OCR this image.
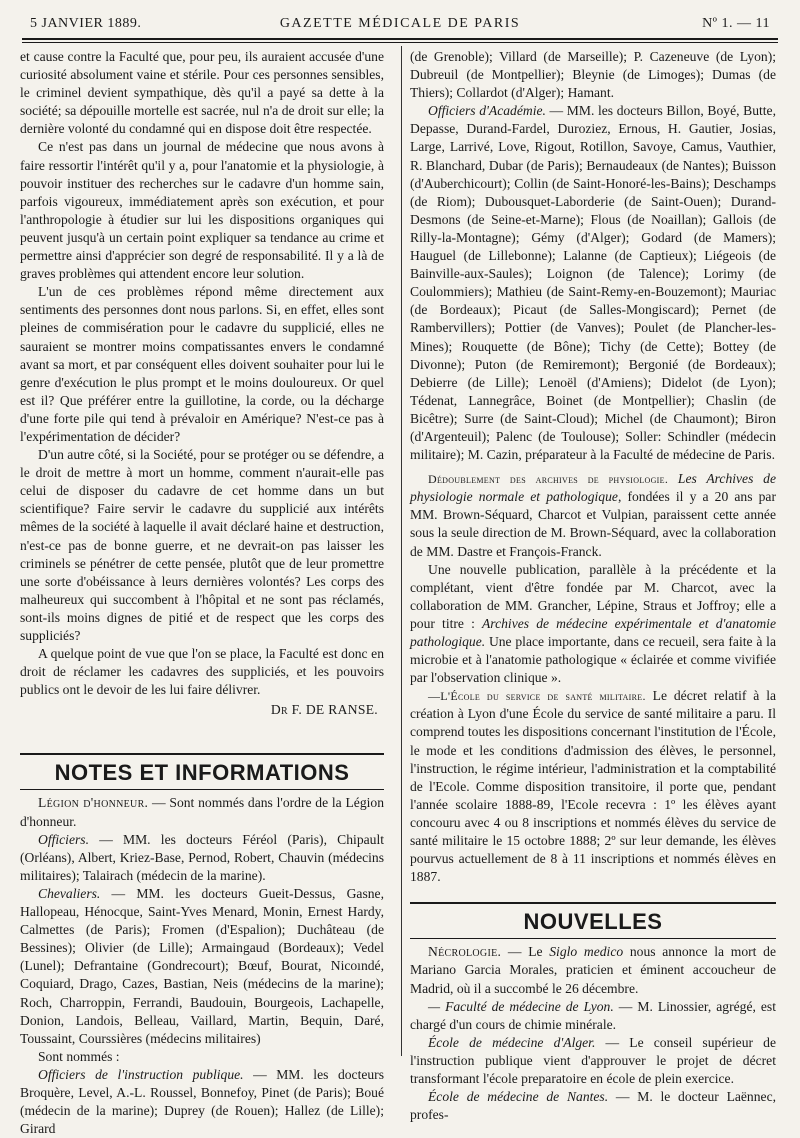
5 JANVIER 1889.	GAZETTE MÉDICALE DE PARIS	Nº 1. — 11

et cause contre la Faculté que, pour peu, ils auraient accusée d'une curiosité absolument vaine et stérile. Pour ces personnes sensibles, le criminel devient sympathique, dès qu'il a payé sa dette à la société; sa dépouille mortelle est sacrée, nul n'a de droit sur elle; la dernière volonté du condamné qui en dispose doit être respectée.

Ce n'est pas dans un journal de médecine que nous avons à faire ressortir l'intérêt qu'il y a, pour l'anatomie et la physiologie, à pouvoir instituer des recherches sur le cadavre d'un homme sain, parfois vigoureux, immédiatement après son exécution, et pour l'anthropologie à étudier sur lui les dispositions organiques qui peuvent jusqu'à un certain point expliquer sa tendance au crime et permettre ainsi d'apprécier son degré de responsabilité. Il y a là de graves problèmes qui attendent encore leur solution.

L'un de ces problèmes répond même directement aux sentiments des personnes dont nous parlons. Si, en effet, elles sont pleines de commisération pour le cadavre du supplicié, elles ne sauraient se montrer moins compatissantes envers le condamné avant sa mort, et par conséquent elles doivent souhaiter pour lui le genre d'exécution le plus prompt et le moins douloureux. Or quel est il? Que préférer entre la guillotine, la corde, ou la décharge d'une forte pile qui tend à prévaloir en Amérique? N'est-ce pas à l'expérimentation de décider?

D'un autre côté, si la Société, pour se protéger ou se défendre, a le droit de mettre à mort un homme, comment n'aurait-elle pas celui de disposer du cadavre de cet homme dans un but scientifique? Faire servir le cadavre du supplicié aux intérêts mêmes de la société à laquelle il avait déclaré haine et destruction, n'est-ce pas de bonne guerre, et ne devrait-on pas laisser les criminels se pénétrer de cette pensée, plutôt que de leur promettre une sorte d'obéissance à leurs dernières volontés? Les corps des malheureux qui succombent à l'hôpital et ne sont pas réclamés, sont-ils moins dignes de pitié et de respect que les corps des suppliciés?

A quelque point de vue que l'on se place, la Faculté est donc en droit de réclamer les cadavres des suppliciés, et les pouvoirs publics ont le devoir de les lui faire délivrer.

Dr F. DE RANSE.

NOTES ET INFORMATIONS

Légion d'honneur. — Sont nommés dans l'ordre de la Légion d'honneur.

Officiers. — MM. les docteurs Féréol (Paris), Chipault (Orléans), Albert, Kriez-Base, Pernod, Robert, Chauvin (médecins militaires); Talairach (médecin de la marine).

Chevaliers. — MM. les docteurs Gueit-Dessus, Gasne, Hallopeau, Hénocque, Saint-Yves Menard, Monin, Ernest Hardy, Calmettes (de Paris); Fromen (d'Espalion); Duchâteau (de Bessines); Olivier (de Lille); Armaingaud (Bordeaux); Vedel (Lunel); Defrantaine (Gondrecourt); Bœuf, Bourat, Nicoındé, Coquiard, Drago, Cazes, Bastian, Neis (médecins de la marine); Roch, Charroppin, Ferrandi, Baudouin, Bourgeois, Lachapelle, Donion, Landois, Belleau, Vaillard, Martin, Bequin, Daré, Toussaint, Courssières (médecins militaires)

Sont nommés :

Officiers de l'instruction publique. — MM. les docteurs Broquère, Level, A.-L. Roussel, Bonnefoy, Pinet (de Paris); Boué (médecin de la marine); Duprey (de Rouen); Hallez (de Lille); Girard

(de Grenoble); Villard (de Marseille); P. Cazeneuve (de Lyon); Dubreuil (de Montpellier); Bleynie (de Limoges); Dumas (de Thiers); Collardot (d'Alger); Hamant.

Officiers d'Académie. — MM. les docteurs Billon, Boyé, Butte, Depasse, Durand-Fardel, Duroziez, Ernous, H. Gautier, Josias, Large, Larrivé, Love, Rigout, Rotillon, Savoye, Camus, Vauthier, R. Blanchard, Dubar (de Paris); Bernaudeaux (de Nantes); Buisson (d'Auberchicourt); Collin (de Saint-Honoré-les-Bains); Deschamps (de Riom); Dubousquet-Laborderie (de Saint-Ouen); Durand-Desmons (de Seine-et-Marne); Flous (de Noaillan); Gallois (de Rilly-la-Montagne); Gémy (d'Alger); Godard (de Mamers); Hauguel (de Lillebonne); Lalanne (de Captieux); Liégeois (de Bainville-aux-Saules); Loignon (de Talence); Lorimy (de Coulommiers); Mathieu (de Saint-Remy-en-Bouzemont); Mauriac (de Bordeaux); Picaut (de Salles-Mongiscard); Pernet (de Rambervillers); Pottier (de Vanves); Poulet (de Plancher-les-Mines); Rouquette (de Bône); Tichy (de Cette); Bottey (de Divonne); Puton (de Remiremont); Bergonié (de Bordeaux); Debierre (de Lille); Lenoël (d'Amiens); Didelot (de Lyon); Tédenat, Lannegrâce, Boinet (de Montpellier); Chaslin (de Bicêtre); Surre (de Saint-Cloud); Michel (de Chaumont); Biron (d'Argenteuil); Palenc (de Toulouse); Soller: Schindler (médecin militaire); M. Cazin, préparateur à la Faculté de médecine de Paris.

Dédoublement des archives de physiologie. Les Archives de physiologie normale et pathologique, fondées il y a 20 ans par MM. Brown-Séquard, Charcot et Vulpian, paraissent cette année sous la seule direction de M. Brown-Séquard, avec la collaboration de MM. Dastre et François-Franck.

Une nouvelle publication, parallèle à la précédente et la complétant, vient d'être fondée par M. Charcot, avec la collaboration de MM. Grancher, Lépine, Straus et Joffroy; elle a pour titre : Archives de médecine expérimentale et d'anatomie pathologique. Une place importante, dans ce recueil, sera faite à la microbie et à l'anatomie pathologique « éclairée et comme vivifiée par l'observation clinique ».

—L'École du service de santé militaire. Le décret relatif à la création à Lyon d'une École du service de santé militaire a paru. Il comprend toutes les dispositions concernant l'institution de l'École, le mode et les conditions d'admission des élèves, le personnel, l'instruction, le régime intérieur, l'administration et la comptabilité de l'Ecole. Comme disposition transitoire, il porte que, pendant l'année scolaire 1888-89, l'Ecole recevra : 1º les élèves ayant concouru avec 4 ou 8 inscriptions et nommés élèves du service de santé militaire le 15 octobre 1888; 2º sur leur demande, les élèves pourvus actuellement de 8 à 11 inscriptions et nommés élèves en 1887.

NOUVELLES

Nécrologie. — Le Siglo medico nous annonce la mort de Mariano Garcia Morales, praticien et éminent accoucheur de Madrid, où il a succombé le 26 décembre.

— Faculté de médecine de Lyon. — M. Linossier, agrégé, est chargé d'un cours de chimie minérale.

École de médecine d'Alger. — Le conseil supérieur de l'instruction publique vient d'approuver le projet de décret transformant l'école preparatoire en école de plein exercice.

École de médecine de Nantes. — M. le docteur Laënnec, profes-
